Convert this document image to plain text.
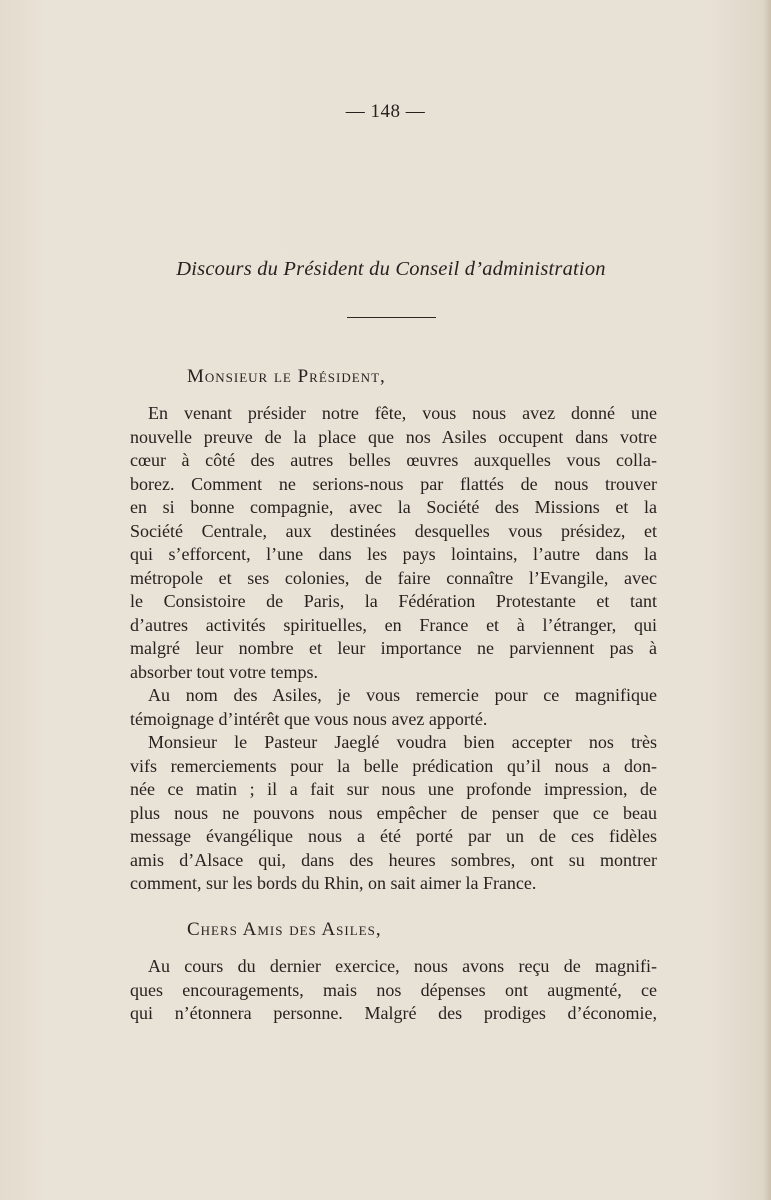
— 148 —
Discours du Président du Conseil d’administration
Monsieur le Président,
En venant présider notre fête, vous nous avez donné une
nouvelle preuve de la place que nos Asiles occupent dans votre
cœur à côté des autres belles œuvres auxquelles vous colla-
borez. Comment ne serions-nous par flattés de nous trouver
en si bonne compagnie, avec la Société des Missions et la
Société Centrale, aux destinées desquelles vous présidez, et
qui s’efforcent, l’une dans les pays lointains, l’autre dans la
métropole et ses colonies, de faire connaître l’Evangile, avec
le Consistoire de Paris, la Fédération Protestante et tant
d’autres activités spirituelles, en France et à l’étranger, qui
malgré leur nombre et leur importance ne parviennent pas à
absorber tout votre temps.
Au nom des Asiles, je vous remercie pour ce magnifique
témoignage d’intérêt que vous nous avez apporté.
Monsieur le Pasteur Jaeglé voudra bien accepter nos très
vifs remerciements pour la belle prédication qu’il nous a don-
née ce matin ; il a fait sur nous une profonde impression, de
plus nous ne pouvons nous empêcher de penser que ce beau
message évangélique nous a été porté par un de ces fidèles
amis d’Alsace qui, dans des heures sombres, ont su montrer
comment, sur les bords du Rhin, on sait aimer la France.
Chers Amis des Asiles,
Au cours du dernier exercice, nous avons reçu de magnifi-
ques encouragements, mais nos dépenses ont augmenté, ce
qui n’étonnera personne. Malgré des prodiges d’économie,
